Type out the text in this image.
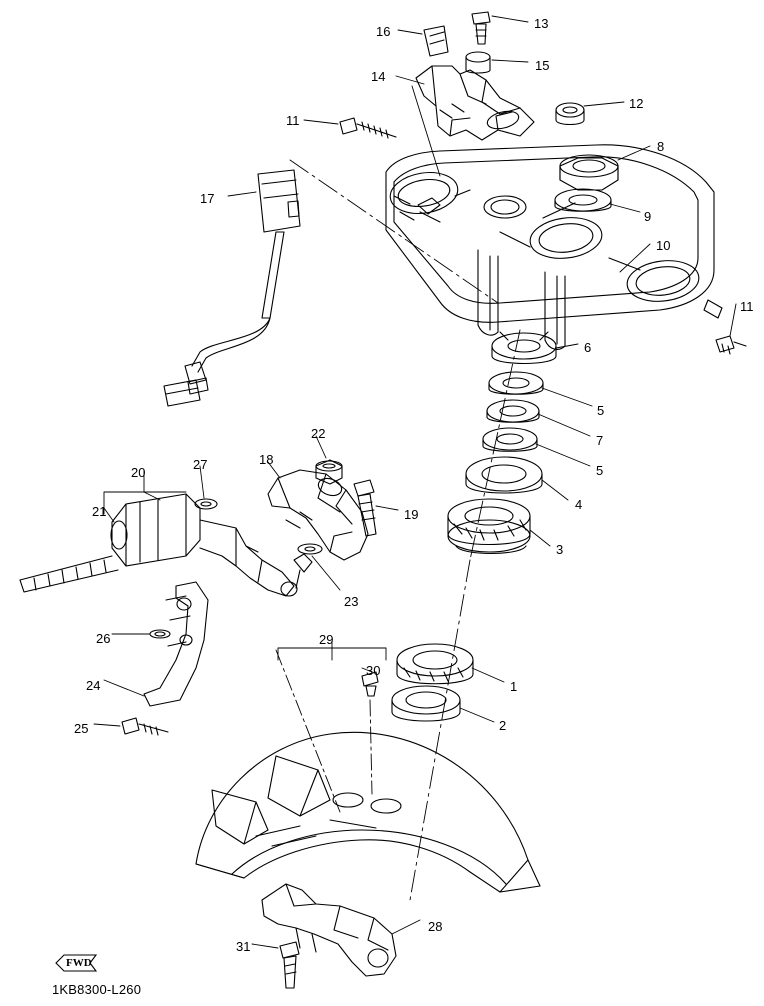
1
2
3
4
5
5
6
7
8
9
10
11
11
12
13
14
15
16
17
18
19
20
21
22
23
24
25
26
27
28
29
30
31
FWD
1KB8300-L260
